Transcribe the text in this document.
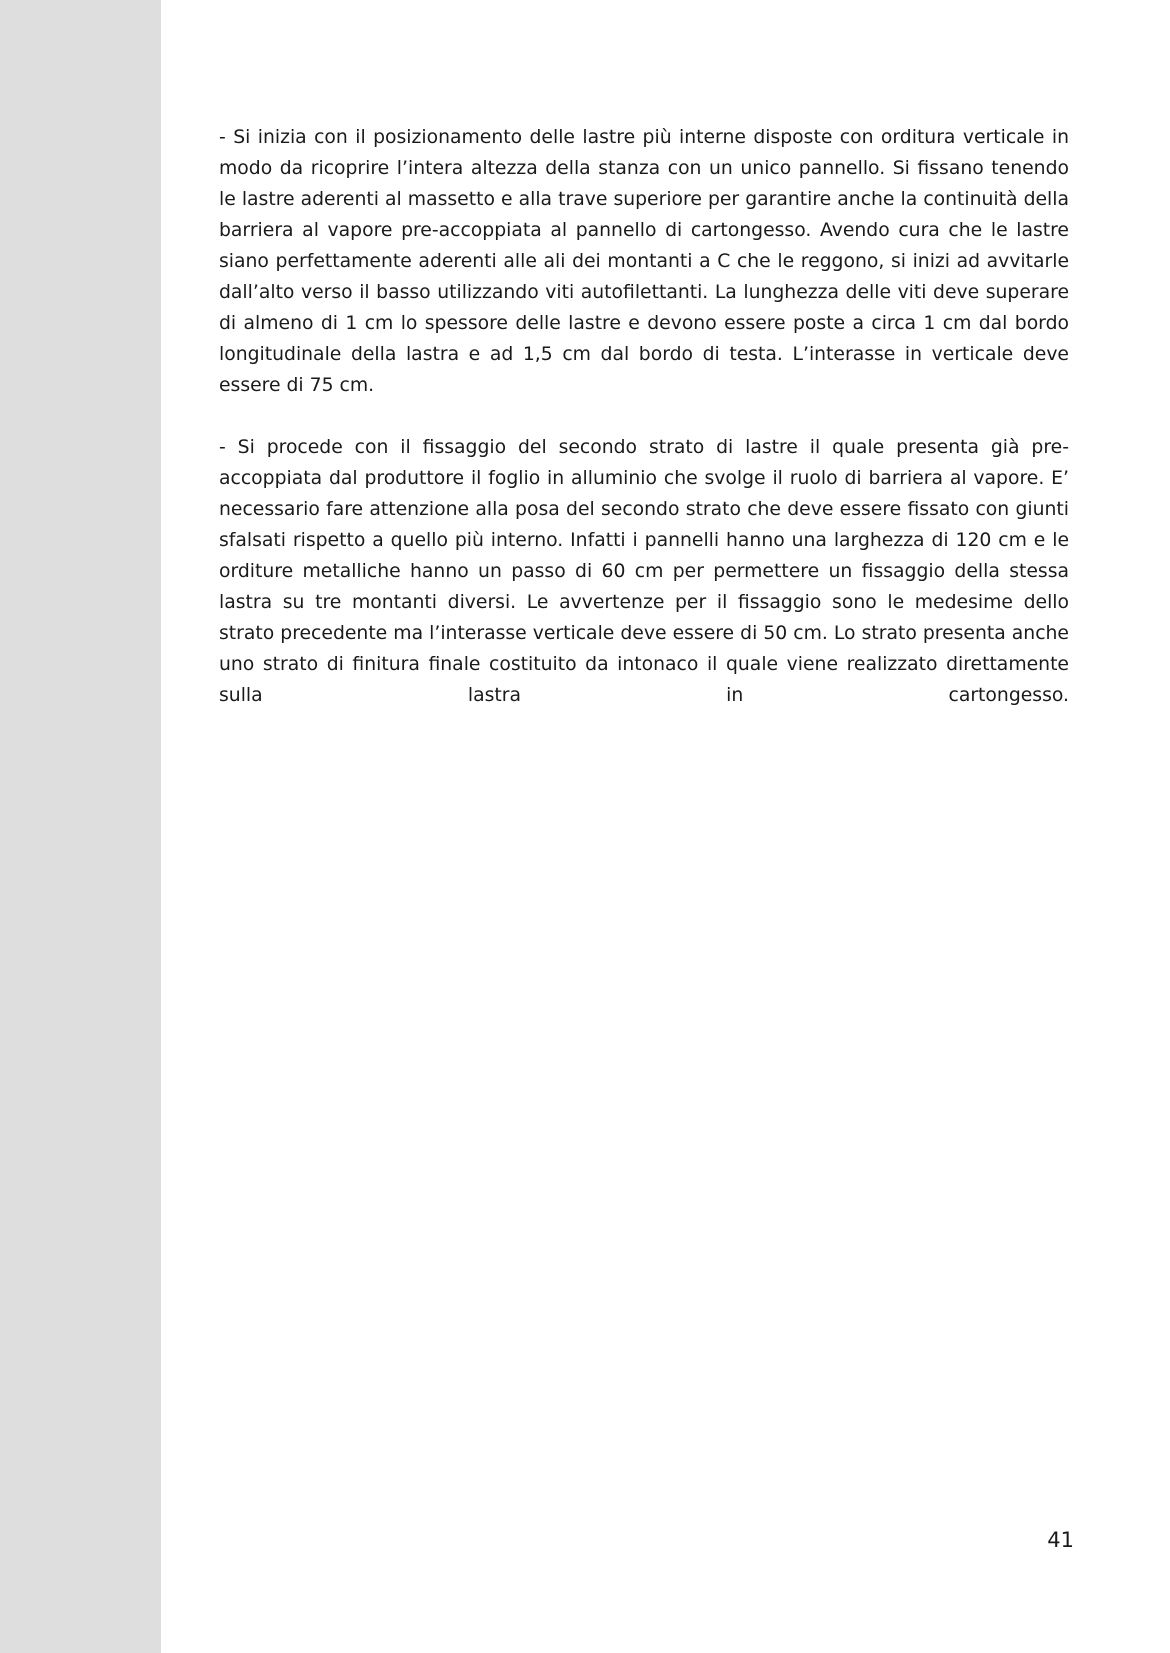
- Si inizia con il posizionamento delle lastre più interne disposte con orditura verticale in modo da ricoprire l’intera altezza della stanza con un unico pannello. Si fissano tenendo le lastre aderenti al massetto e alla trave superiore per garantire anche la continuità della barriera al vapore pre-accoppiata al pannello di cartongesso. Avendo cura che le lastre siano perfettamente aderenti alle ali dei montanti a C che le reggono, si inizi ad avvitarle dall’alto verso il basso utilizzando viti autofilettanti. La lunghezza delle viti deve superare di almeno di 1 cm lo spessore delle lastre e devono essere poste a circa 1 cm dal bordo longitudinale della lastra e ad 1,5 cm dal bordo di testa. L’interasse in verticale deve essere di 75 cm.

- Si procede con il fissaggio del secondo strato di lastre il quale presenta già pre-accoppiata dal produttore il foglio in alluminio che svolge il ruolo di barriera al vapore. E’ necessario fare attenzione alla posa del secondo strato che deve essere fissato con giunti sfalsati rispetto a quello più interno. Infatti i pannelli hanno una larghezza di 120 cm e le orditure metalliche hanno un passo di 60 cm per permettere un fissaggio della stessa lastra su tre montanti diversi. Le avvertenze per il fissaggio sono le medesime dello strato precedente ma l’interasse verticale deve essere di 50 cm. Lo strato presenta anche uno strato di finitura finale costituito da intonaco il quale viene realizzato direttamente sulla lastra in cartongesso.

41
